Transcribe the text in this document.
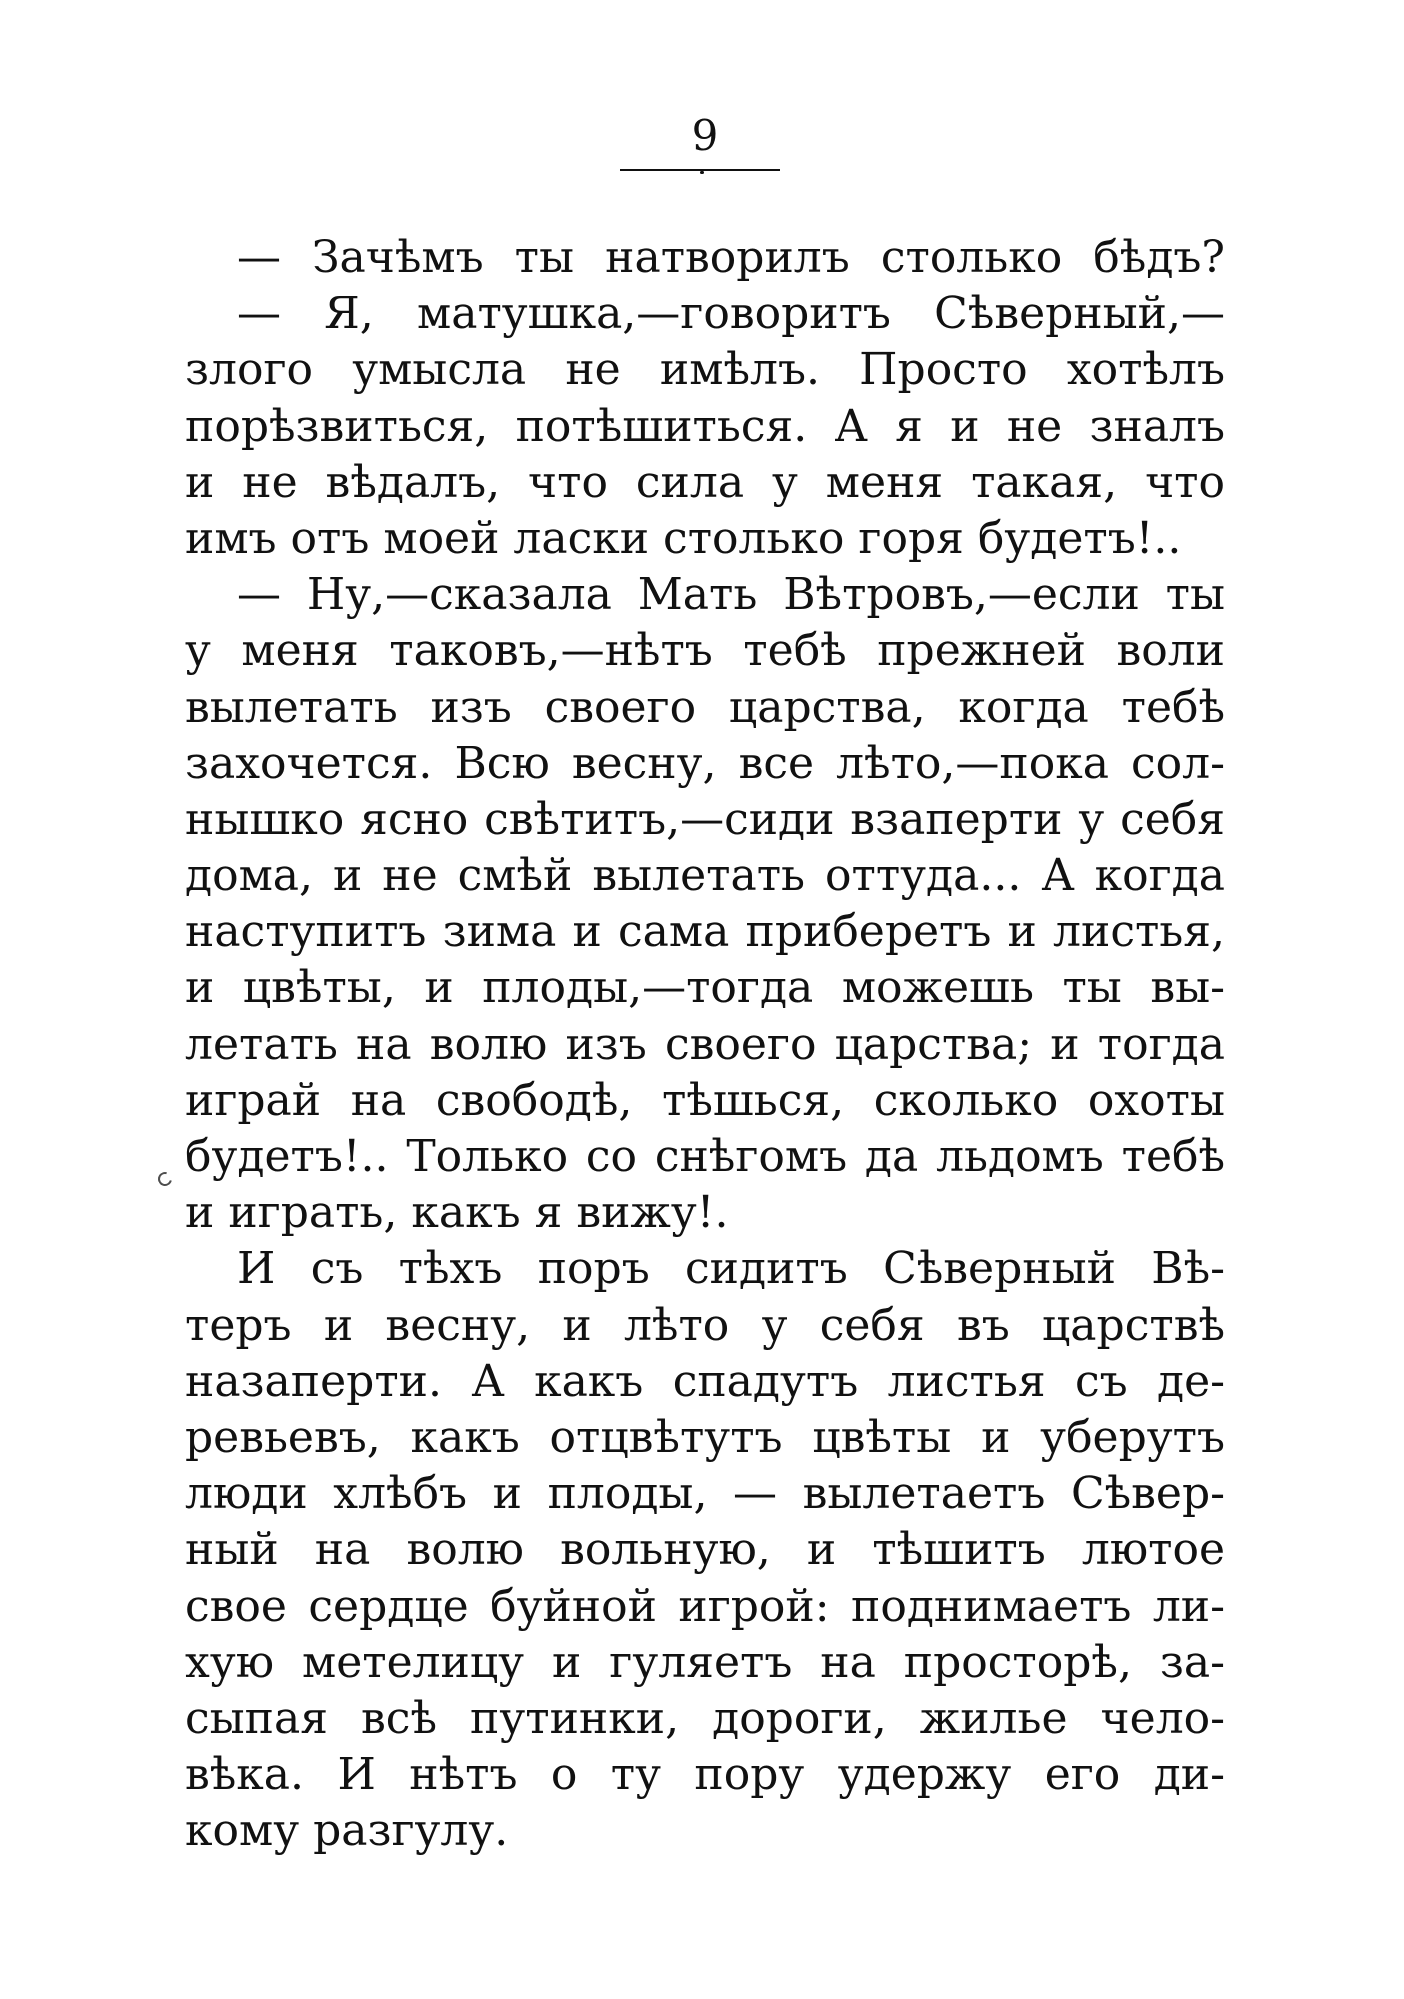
9
— Зачѣмъ ты натворилъ столько бѣдъ?
— Я, матушка,—говоритъ Сѣверный,—
злого умысла не имѣлъ. Просто хотѣлъ
порѣзвиться, потѣшиться. А я и не зналъ
и не вѣдалъ, что сила у меня такая, что
имъ отъ моей ласки столько горя будетъ!..
— Ну,—сказала Мать Вѣтровъ,—если ты
у меня таковъ,—нѣтъ тебѣ прежней воли
вылетать изъ своего царства, когда тебѣ
захочется. Всю весну, все лѣто,—пока сол-
нышко ясно свѣтитъ,—сиди взаперти у себя
дома, и не смѣй вылетать оттуда... А когда
наступитъ зима и сама приберетъ и листья,
и цвѣты, и плоды,—тогда можешь ты вы-
летать на волю изъ своего царства; и тогда
играй на свободѣ, тѣшься, сколько охоты
будетъ!.. Только со снѣгомъ да льдомъ тебѣ
и играть, какъ я вижу!.
И съ тѣхъ поръ сидитъ Сѣверный Вѣ-
теръ и весну, и лѣто у себя въ царствѣ
назаперти. А какъ спадутъ листья съ де-
ревьевъ, какъ отцвѣтутъ цвѣты и уберутъ
люди хлѣбъ и плоды, — вылетаетъ Сѣвер-
ный на волю вольную, и тѣшитъ лютое
свое сердце буйной игрой: поднимаетъ ли-
хую метелицу и гуляетъ на просторѣ, за-
сыпая всѣ путинки, дороги, жилье чело-
вѣка. И нѣтъ о ту пору удержу его ди-
кому разгулу.
